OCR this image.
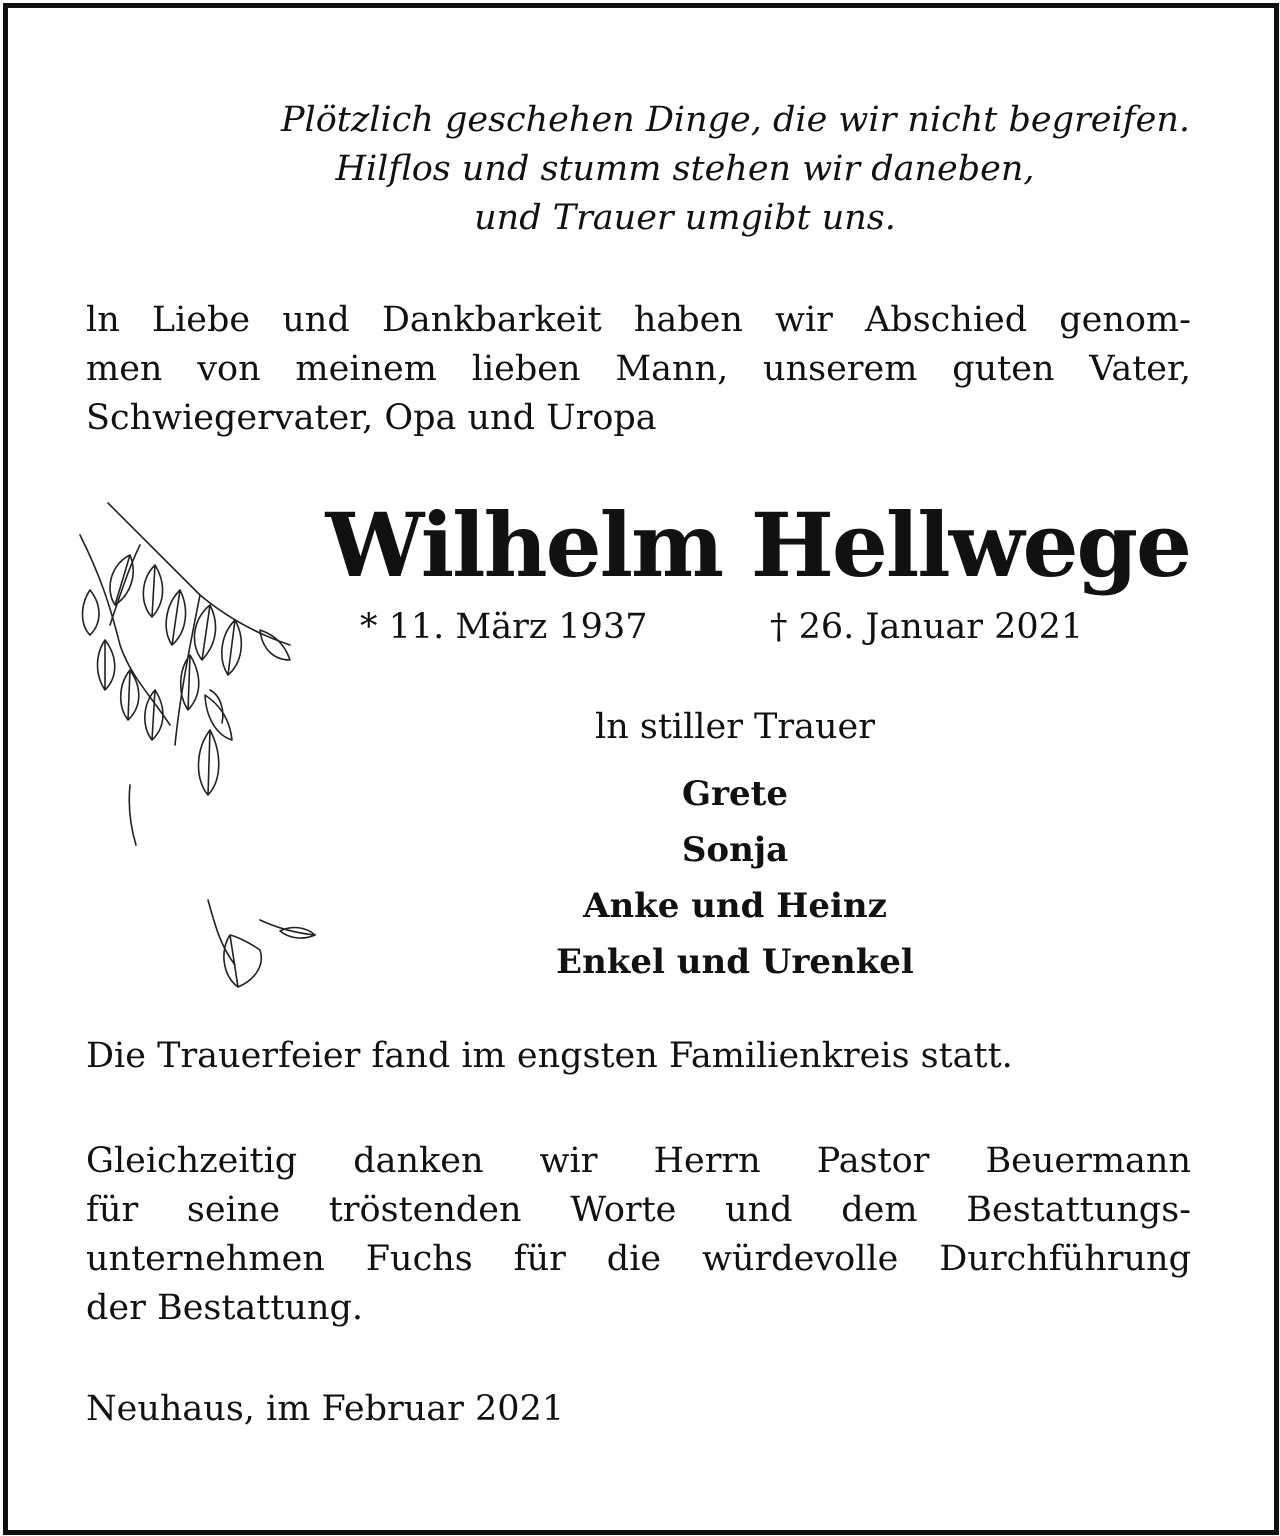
Plötzlich geschehen Dinge, die wir nicht begreifen.
Hilflos und stumm stehen wir daneben,
und Trauer umgibt uns.
ln Liebe und Dankbarkeit haben wir Abschied genom-
men von meinem lieben Mann, unserem guten Vater,
Schwiegervater, Opa und Uropa
Wilhelm Hellwege
* 11. März 1937	† 26. Januar 2021
ln stiller Trauer
Grete
Sonja
Anke und Heinz
Enkel und Urenkel
Die Trauerfeier fand im engsten Familienkreis statt.
Gleichzeitig danken wir Herrn Pastor Beuermann
für seine tröstenden Worte und dem Bestattungs-
unternehmen Fuchs für die würdevolle Durchführung
der Bestattung.
Neuhaus, im Februar 2021
